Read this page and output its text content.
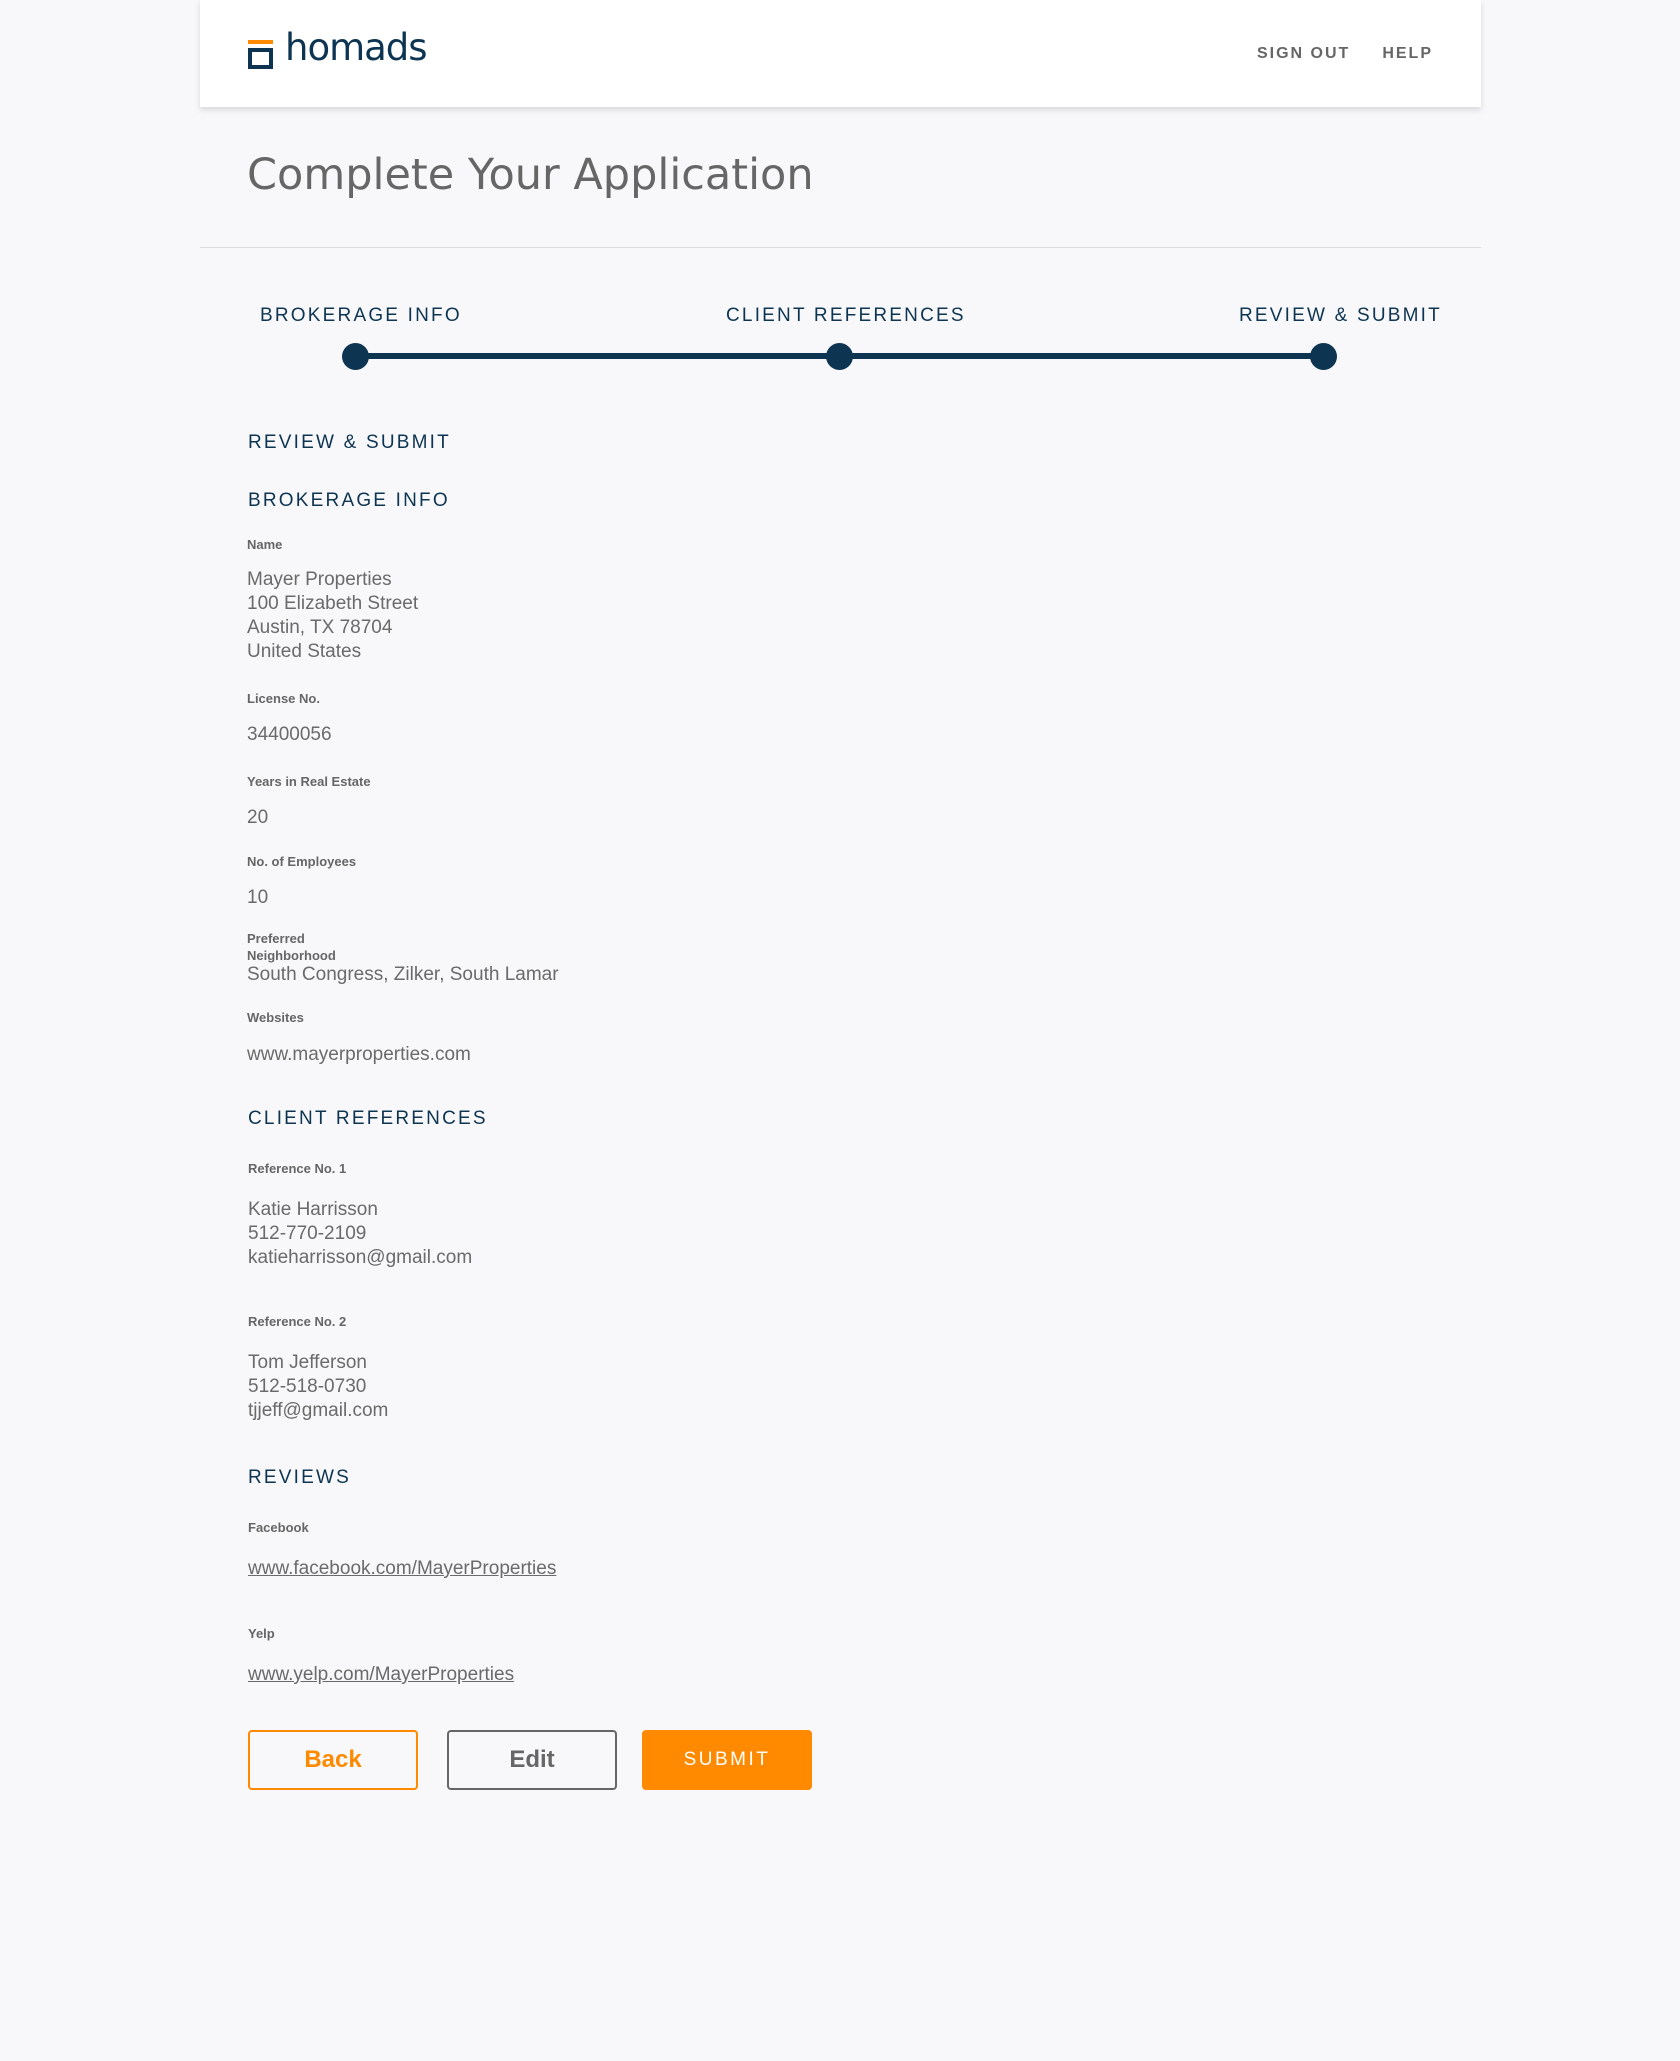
homads	SIGN OUT HELP
Complete Your Application
BROKERAGE INFO	CLIENT REFERENCES	REVIEW & SUBMIT
REVIEW & SUBMIT
BROKERAGE INFO
Name
Mayer Properties
100 Elizabeth Street
Austin, TX 78704
United States
License No.
34400056
Years in Real Estate
20
No. of Employees
10
Preferred
Neighborhood
South Congress, Zilker, South Lamar
Websites
www.mayerproperties.com
CLIENT REFERENCES
Reference No. 1
Katie Harrisson
512-770-2109
katieharrisson@gmail.com
Reference No. 2
Tom Jefferson
512-518-0730
tjjeff@gmail.com
REVIEWS
Facebook
www.facebook.com/MayerProperties
Yelp
www.yelp.com/MayerProperties
Back	Edit	SUBMIT
